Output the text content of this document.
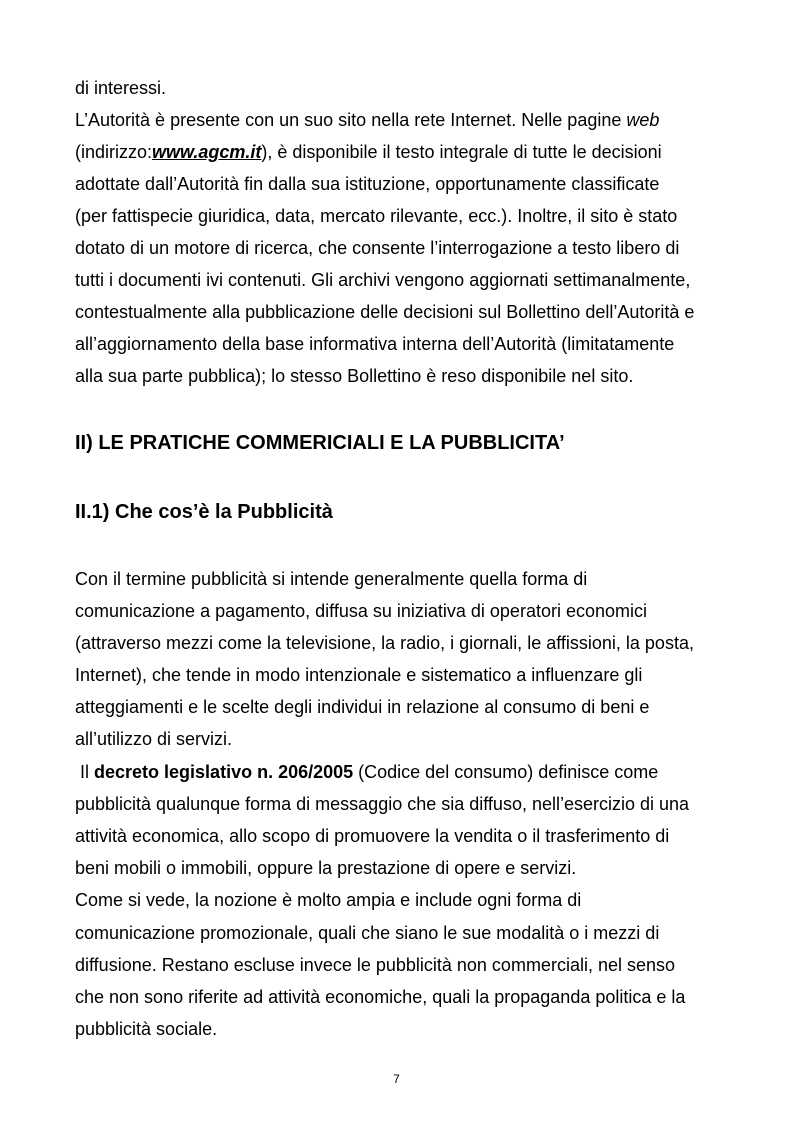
di interessi.
L’Autorità è presente con un suo sito nella rete Internet. Nelle pagine web
(indirizzo:www.agcm.it), è disponibile il testo integrale di tutte le decisioni
adottate dall’Autorità fin dalla sua istituzione, opportunamente classificate
(per fattispecie giuridica, data, mercato rilevante, ecc.). Inoltre, il sito è stato
dotato di un motore di ricerca, che consente l’interrogazione a testo libero di
tutti i documenti ivi contenuti. Gli archivi vengono aggiornati settimanalmente,
contestualmente alla pubblicazione delle decisioni sul Bollettino dell’Autorità e
all’aggiornamento della base informativa interna dell’Autorità (limitatamente
alla sua parte pubblica); lo stesso Bollettino è reso disponibile nel sito.
II) LE PRATICHE COMMERICIALI E LA PUBBLICITA’
II.1) Che cos’è la Pubblicità
Con il termine pubblicità si intende generalmente quella forma di
comunicazione a pagamento, diffusa su iniziativa di operatori economici
(attraverso mezzi come la televisione, la radio, i giornali, le affissioni, la posta,
Internet), che tende in modo intenzionale e sistematico a influenzare gli
atteggiamenti e le scelte degli individui in relazione al consumo di beni e
all’utilizzo di servizi.
Il decreto legislativo n. 206/2005 (Codice del consumo) definisce come
pubblicità qualunque forma di messaggio che sia diffuso, nell’esercizio di una
attività economica, allo scopo di promuovere la vendita o il trasferimento di
beni mobili o immobili, oppure la prestazione di opere e servizi.
Come si vede, la nozione è molto ampia e include ogni forma di
comunicazione promozionale, quali che siano le sue modalità o i mezzi di
diffusione. Restano escluse invece le pubblicità non commerciali, nel senso
che non sono riferite ad attività economiche, quali la propaganda politica e la
pubblicità sociale.
7
